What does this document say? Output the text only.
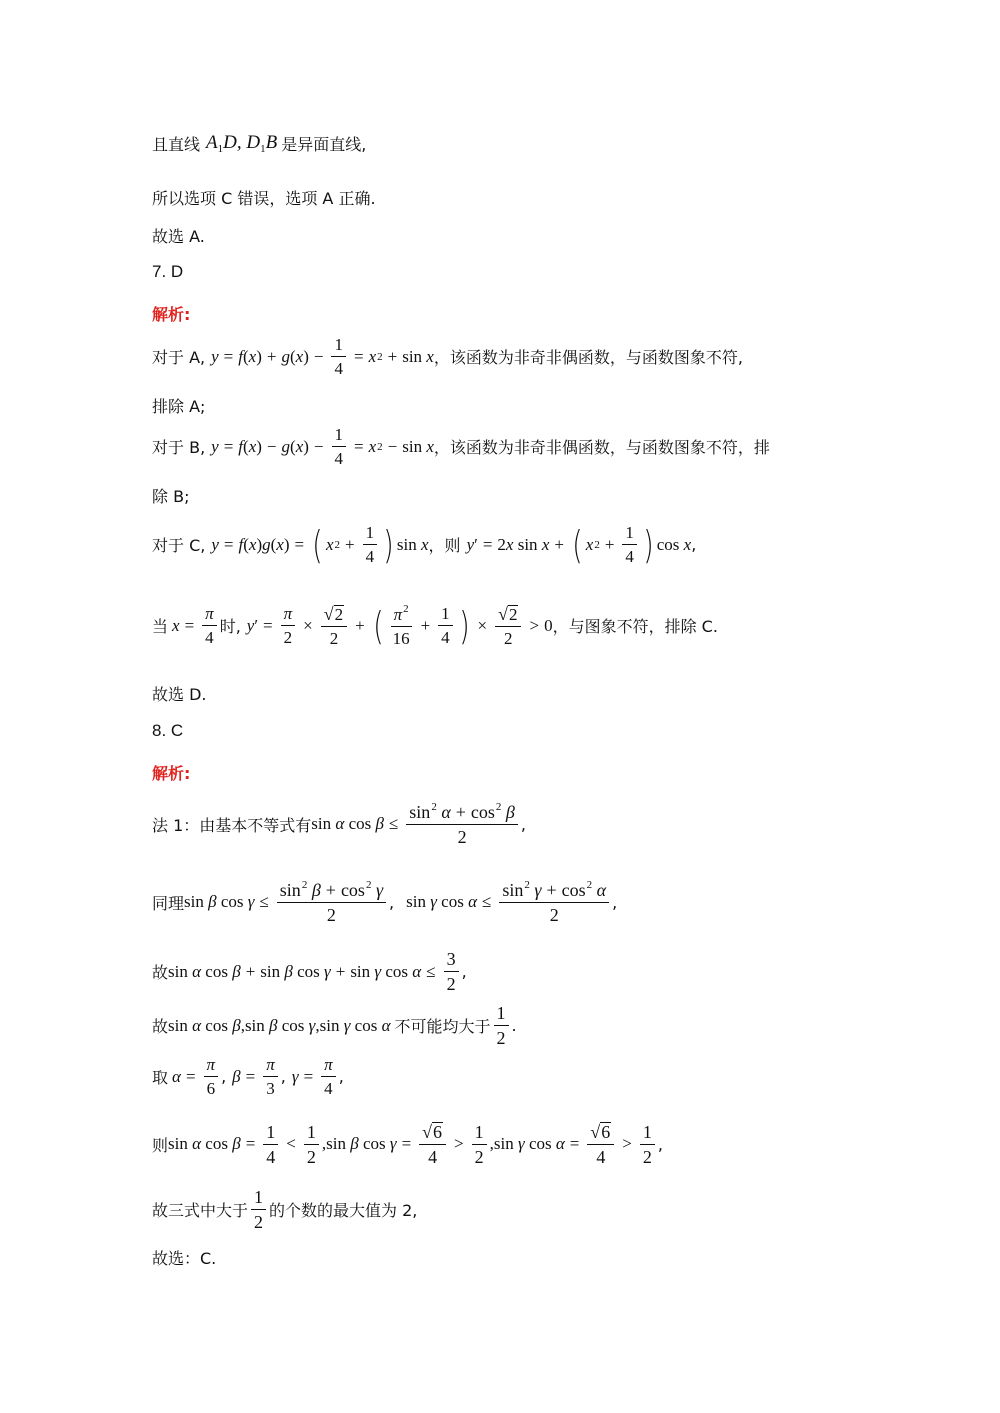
且直线 $A_1D$, $D_1B$ 是异面直线,
所以选项 C 错误，选项 A 正确.
故选 A.
7. D
解析:
对于 A, y = f ( x ) + g ( x ) − $\frac{1}{4} = x$ 2 + sin
x ，该函数为非奇非偶函数，与函数图象不符,
排除 A;
对于 B, y = f ( x ) − g ( x ) − $\frac{1}{4} = x$ 2 − sin
x ，该函数为非奇非偶函数，与函数图象不符，排
除 B;
对于 C, y = f ( x ) g ( x ) = ( x $2 + \frac{1}{4}$ ) sin
x ，则 y ′ = 2 x
sin
x + ( x $2 + \frac{1}{4}$ ) cos
x ,
当 $x = \frac{\pi}{4}$ 时, y ′ = $\frac{\pi}{2} \times \frac{√ 2}{2}$ + ( $\frac{\pi^2}{16} + \frac{1}{4}$ ) × $\frac{√ 2}{2} > 0$ ，与图象不符，排除 C.
故选 D.
8. C
解析:
法 1：由基本不等式有 sin
α
cos
$\beta \le \frac{\sin^2 \alpha + \cos^2 \beta}{2}$ ,
同理 sin
β
cos
$\gamma \le \frac{\sin^2 \beta + \cos^2 \gamma}{2}$ , sin
γ
cos
$\alpha \le \frac{\sin^2 \gamma + \cos^2 \alpha}{2}$ ,
故 sin
α
cos
β + sin
β
cos
γ + sin
γ
cos
$\alpha \le \frac{3}{2}$ ,
故 sin
α
cos
β , sin
β
cos
γ , sin
γ
cos
α 不可能均大于 $\frac{1}{2}$ .
取 $\alpha = \frac{\pi}{6}$ , $\beta = \frac{\pi}{3}$ , $\gamma = \frac{\pi}{4}$ ,
则 sin
α
cos
$\beta = \frac{1}{4} < \frac{1}{2}$ , sin
β
cos
$\gamma = \frac{√ 6}{4} > \frac{1}{2}$ , sin
γ
cos
$\alpha = \frac{√ 6}{4} > \frac{1}{2}$ ,
故三式中大于 $\frac{1}{2}$ 的个数的最大值为 2,
故选：C.
